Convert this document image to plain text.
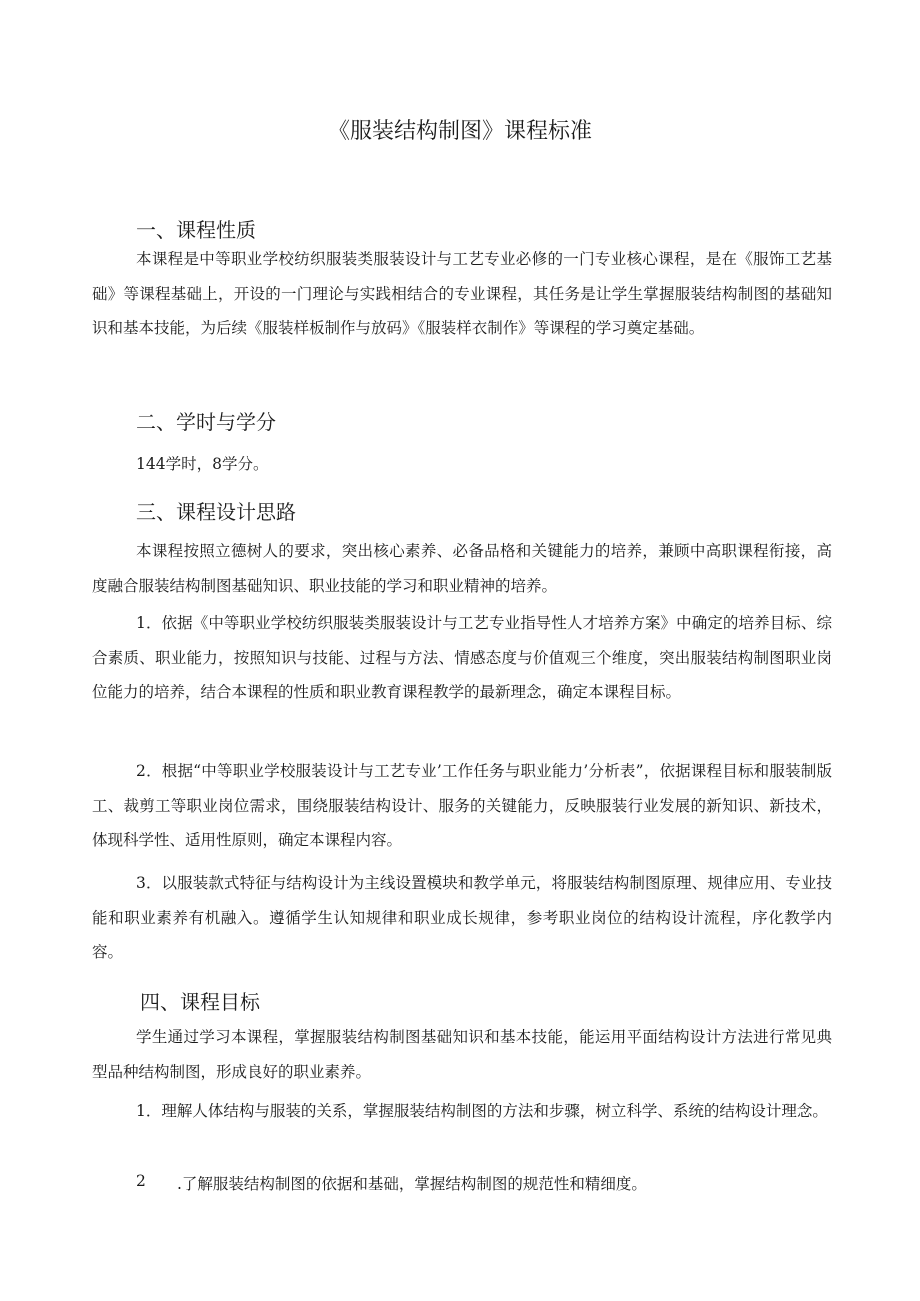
《服装结构制图》课程标准
一、课程性质
本课程是中等职业学校纺织服装类服装设计与工艺专业必修的一门专业核心课程，是在《服饰工艺基础》等课程基础上，开设的一门理论与实践相结合的专业课程，其任务是让学生掌握服装结构制图的基础知识和基本技能，为后续《服装样板制作与放码》《服装样衣制作》等课程的学习奠定基础。
二、学时与学分
144学时，8学分。
三、课程设计思路
本课程按照立德树人的要求，突出核心素养、必备品格和关键能力的培养，兼顾中高职课程衔接，高度融合服装结构制图基础知识、职业技能的学习和职业精神的培养。
1．依据《中等职业学校纺织服装类服装设计与工艺专业指导性人才培养方案》中确定的培养目标、综合素质、职业能力，按照知识与技能、过程与方法、情感态度与价值观三个维度，突出服装结构制图职业岗位能力的培养，结合本课程的性质和职业教育课程教学的最新理念，确定本课程目标。
2．根据“中等职业学校服装设计与工艺专业’工作任务与职业能力’分析表”，依据课程目标和服装制版工、裁剪工等职业岗位需求，围绕服装结构设计、服务的关键能力，反映服装行业发展的新知识、新技术，体现科学性、适用性原则，确定本课程内容。
3．以服装款式特征与结构设计为主线设置模块和教学单元，将服装结构制图原理、规律应用、专业技能和职业素养有机融入。遵循学生认知规律和职业成长规律，参考职业岗位的结构设计流程，序化教学内容。
四、课程目标
学生通过学习本课程，掌握服装结构制图基础知识和基本技能，能运用平面结构设计方法进行常见典型品种结构制图，形成良好的职业素养。
1．理解人体结构与服装的关系，掌握服装结构制图的方法和步骤，树立科学、系统的结构设计理念。
2 .了解服装结构制图的依据和基础，掌握结构制图的规范性和精细度。
